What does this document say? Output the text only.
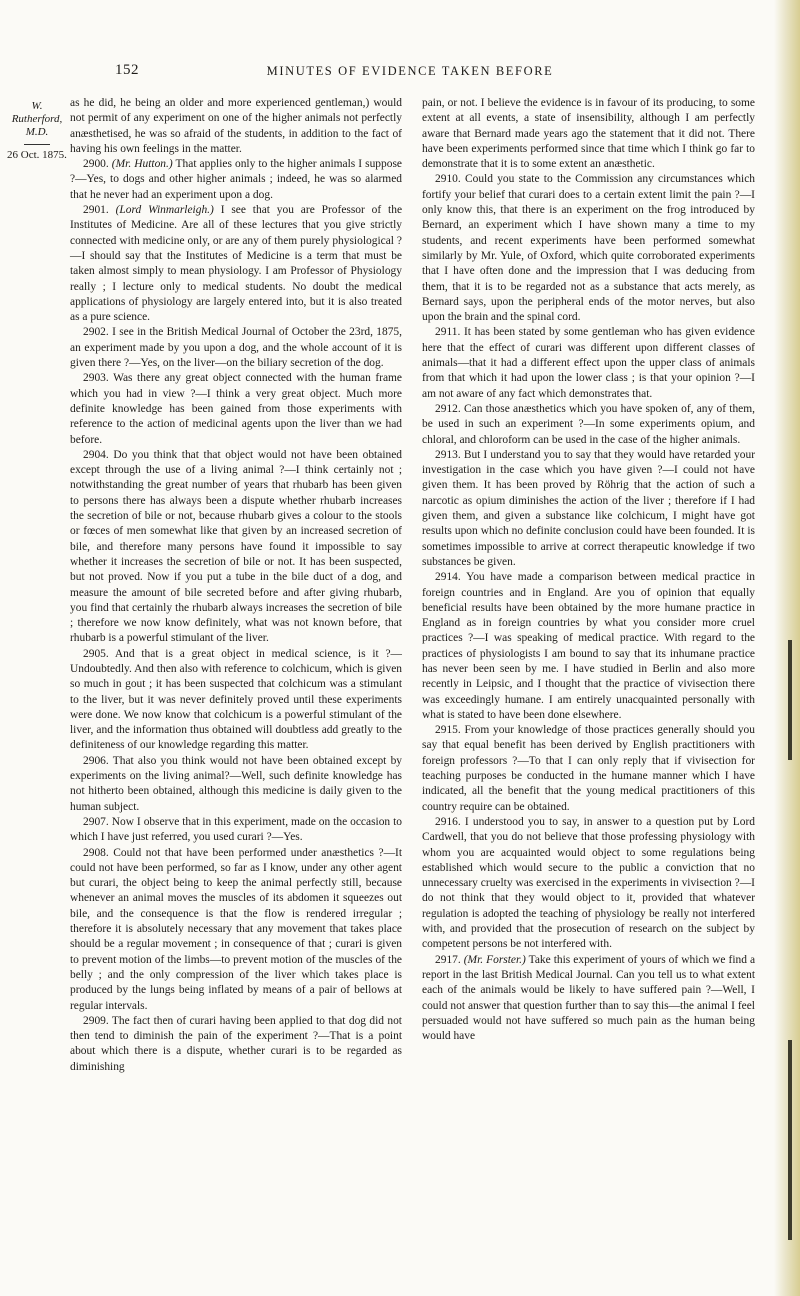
152	MINUTES OF EVIDENCE TAKEN BEFORE
W. Rutherford, M.D.
26 Oct. 1875.

as he did, he being an older and more experienced gentleman,) would not permit of any experiment on one of the higher animals not perfectly anæsthetised, he was so afraid of the students, in addition to the fact of having his own feelings in the matter.

2900. (Mr. Hutton.) That applies only to the higher animals I suppose ?—Yes, to dogs and other higher animals ; indeed, he was so alarmed that he never had an experiment upon a dog.

2901. (Lord Winmarleigh.) I see that you are Professor of the Institutes of Medicine. Are all of these lectures that you give strictly connected with medicine only, or are any of them purely physiological ?—I should say that the Institutes of Medicine is a term that must be taken almost simply to mean physiology. I am Professor of Physiology really ; I lecture only to medical students. No doubt the medical applications of physiology are largely entered into, but it is also treated as a pure science.

2902. I see in the British Medical Journal of October the 23rd, 1875, an experiment made by you upon a dog, and the whole account of it is given there ?—Yes, on the liver—on the biliary secretion of the dog.

2903. Was there any great object connected with the human frame which you had in view ?—I think a very great object. Much more definite knowledge has been gained from those experiments with reference to the action of medicinal agents upon the liver than we had before.

2904. Do you think that that object would not have been obtained except through the use of a living animal ?—I think certainly not ; notwithstanding the great number of years that rhubarb has been given to persons there has always been a dispute whether rhubarb increases the secretion of bile or not, because rhubarb gives a colour to the stools or fœces of men somewhat like that given by an increased secretion of bile, and therefore many persons have found it impossible to say whether it increases the secretion of bile or not. It has been suspected, but not proved. Now if you put a tube in the bile duct of a dog, and measure the amount of bile secreted before and after giving rhubarb, you find that certainly the rhubarb always increases the secretion of bile ; therefore we now know definitely, what was not known before, that rhubarb is a powerful stimulant of the liver.

2905. And that is a great object in medical science, is it ?—Undoubtedly. And then also with reference to colchicum, which is given so much in gout ; it has been suspected that colchicum was a stimulant to the liver, but it was never definitely proved until these experiments were done. We now know that colchicum is a powerful stimulant of the liver, and the information thus obtained will doubtless add greatly to the definiteness of our knowledge regarding this matter.

2906. That also you think would not have been obtained except by experiments on the living animal?—Well, such definite knowledge has not hitherto been obtained, although this medicine is daily given to the human subject.

2907. Now I observe that in this experiment, made on the occasion to which I have just referred, you used curari ?—Yes.

2908. Could not that have been performed under anæsthetics ?—It could not have been performed, so far as I know, under any other agent but curari, the object being to keep the animal perfectly still, because whenever an animal moves the muscles of its abdomen it squeezes out bile, and the consequence is that the flow is rendered irregular ; therefore it is absolutely necessary that any movement that takes place should be a regular movement ; in consequence of that ; curari is given to prevent motion of the limbs—to prevent motion of the muscles of the belly ; and the only compression of the liver which takes place is produced by the lungs being inflated by means of a pair of bellows at regular intervals.

2909. The fact then of curari having been applied to that dog did not then tend to diminish the pain of the experiment ?—That is a point about which there is a dispute, whether curari is to be regarded as diminishing

pain, or not. I believe the evidence is in favour of its producing, to some extent at all events, a state of insensibility, although I am perfectly aware that Bernard made years ago the statement that it did not. There have been experiments performed since that time which I think go far to demonstrate that it is to some extent an anæsthetic.

2910. Could you state to the Commission any circumstances which fortify your belief that curari does to a certain extent limit the pain ?—I only know this, that there is an experiment on the frog introduced by Bernard, an experiment which I have shown many a time to my students, and recent experiments have been performed somewhat similarly by Mr. Yule, of Oxford, which quite corroborated experiments that I have often done and the impression that I was deducing from them, that it is to be regarded not as a substance that acts merely, as Bernard says, upon the peripheral ends of the motor nerves, but also upon the brain and the spinal cord.

2911. It has been stated by some gentleman who has given evidence here that the effect of curari was different upon different classes of animals—that it had a different effect upon the upper class of animals from that which it had upon the lower class ; is that your opinion ?—I am not aware of any fact which demonstrates that.

2912. Can those anæsthetics which you have spoken of, any of them, be used in such an experiment ?—In some experiments opium, and chloral, and chloroform can be used in the case of the higher animals.

2913. But I understand you to say that they would have retarded your investigation in the case which you have given ?—I could not have given them. It has been proved by Röhrig that the action of such a narcotic as opium diminishes the action of the liver ; therefore if I had given them, and given a substance like colchicum, I might have got results upon which no definite conclusion could have been founded. It is sometimes impossible to arrive at correct therapeutic knowledge if two substances be given.

2914. You have made a comparison between medical practice in foreign countries and in England. Are you of opinion that equally beneficial results have been obtained by the more humane practice in England as in foreign countries by what you consider more cruel practices ?—I was speaking of medical practice. With regard to the practices of physiologists I am bound to say that its inhumane practice has never been seen by me. I have studied in Berlin and also more recently in Leipsic, and I thought that the practice of vivisection there was exceedingly humane. I am entirely unacquainted personally with what is stated to have been done elsewhere.

2915. From your knowledge of those practices generally should you say that equal benefit has been derived by English practitioners with foreign professors ?—To that I can only reply that if vivisection for teaching purposes be conducted in the humane manner which I have indicated, all the benefit that the young medical practitioners of this country require can be obtained.

2916. I understood you to say, in answer to a question put by Lord Cardwell, that you do not believe that those professing physiology with whom you are acquainted would object to some regulations being established which would secure to the public a conviction that no unnecessary cruelty was exercised in the experiments in vivisection ?—I do not think that they would object to it, provided that whatever regulation is adopted the teaching of physiology be really not interfered with, and provided that the prosecution of research on the subject by competent persons be not interfered with.

2917. (Mr. Forster.) Take this experiment of yours of which we find a report in the last British Medical Journal. Can you tell us to what extent each of the animals would be likely to have suffered pain ?—Well, I could not answer that question further than to say this—the animal I feel persuaded would not have suffered so much pain as the human being would have
